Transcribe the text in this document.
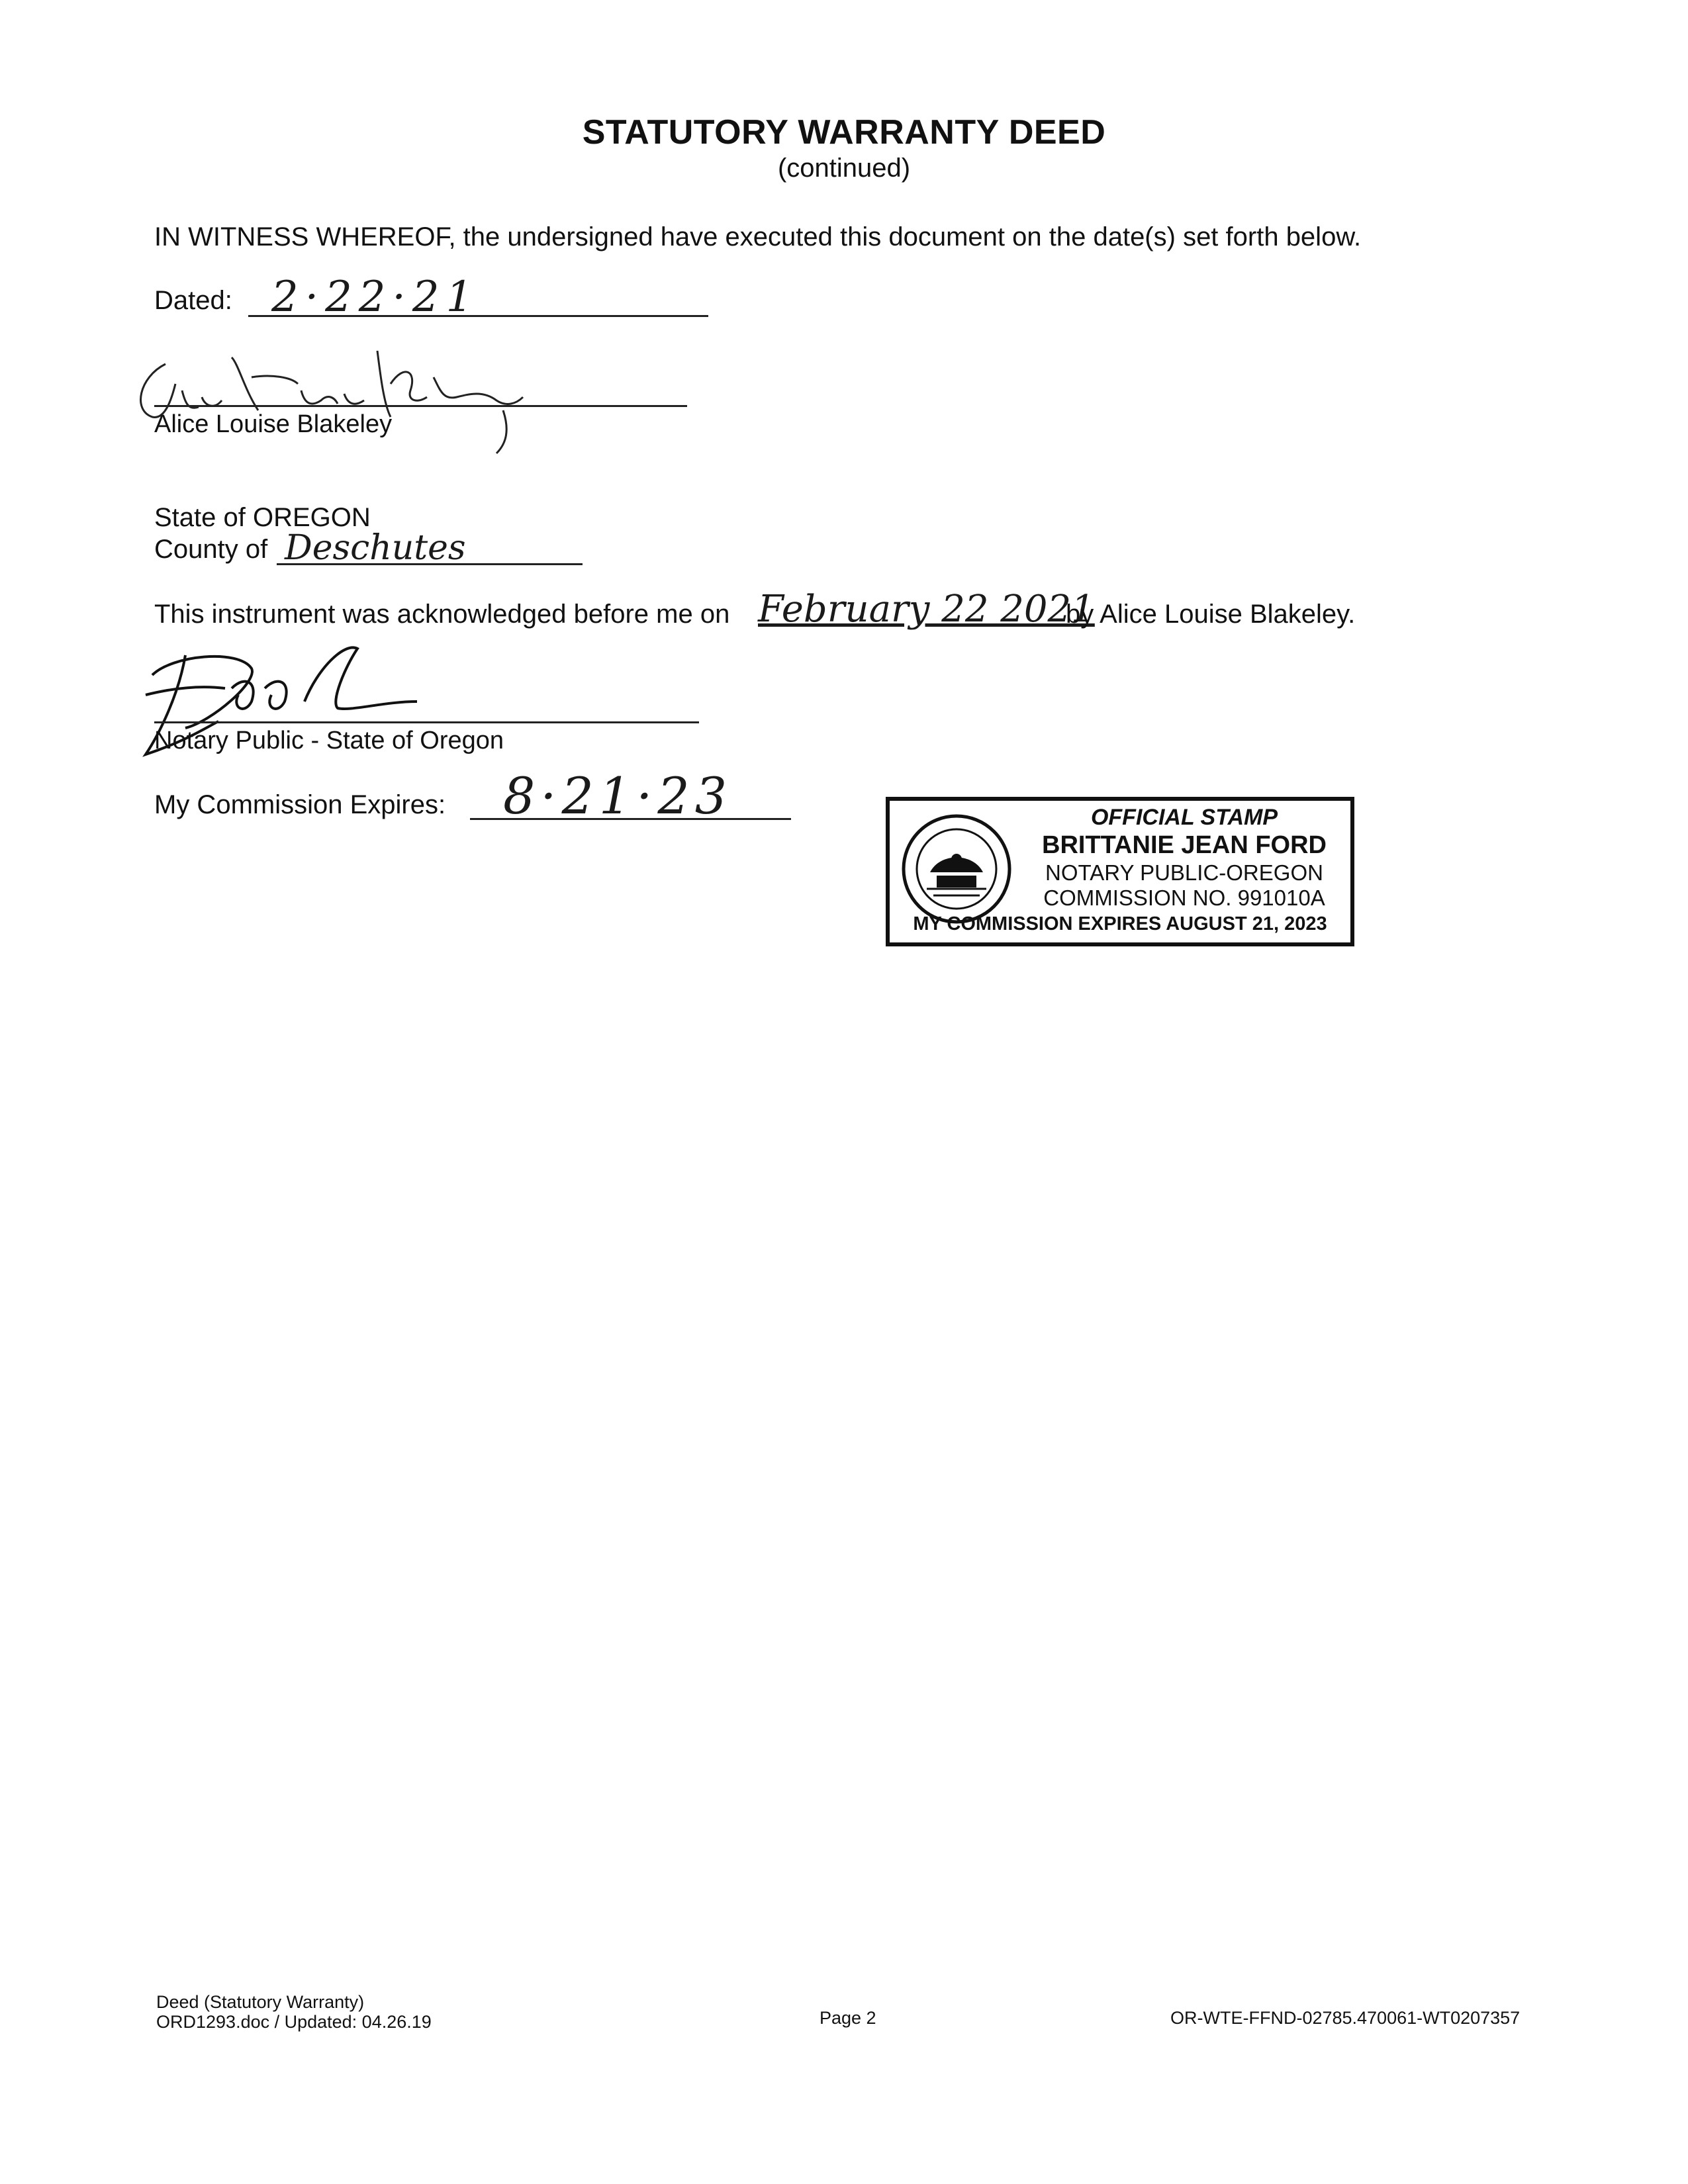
STATUTORY WARRANTY DEED
(continued)
IN WITNESS WHEREOF, the undersigned have executed this document on the date(s) set forth below.
Dated: 2·22·21
Alice Louise Blakeley
State of OREGON
County of Deschutes
This instrument was acknowledged before me on February 22 2021
by Alice Louise Blakeley.
Notary Public - State of Oregon
My Commission Expires: 8·21·23	OFFICIAL STAMP
BRITTANIE JEAN FORD
NOTARY PUBLIC-OREGON
COMMISSION NO. 991010A
MY COMMISSION EXPIRES AUGUST 21, 2023
Deed (Statutory Warranty)
ORD1293.doc / Updated: 04.26.19	Page 2	OR-WTE-FFND-02785.470061-WT0207357
